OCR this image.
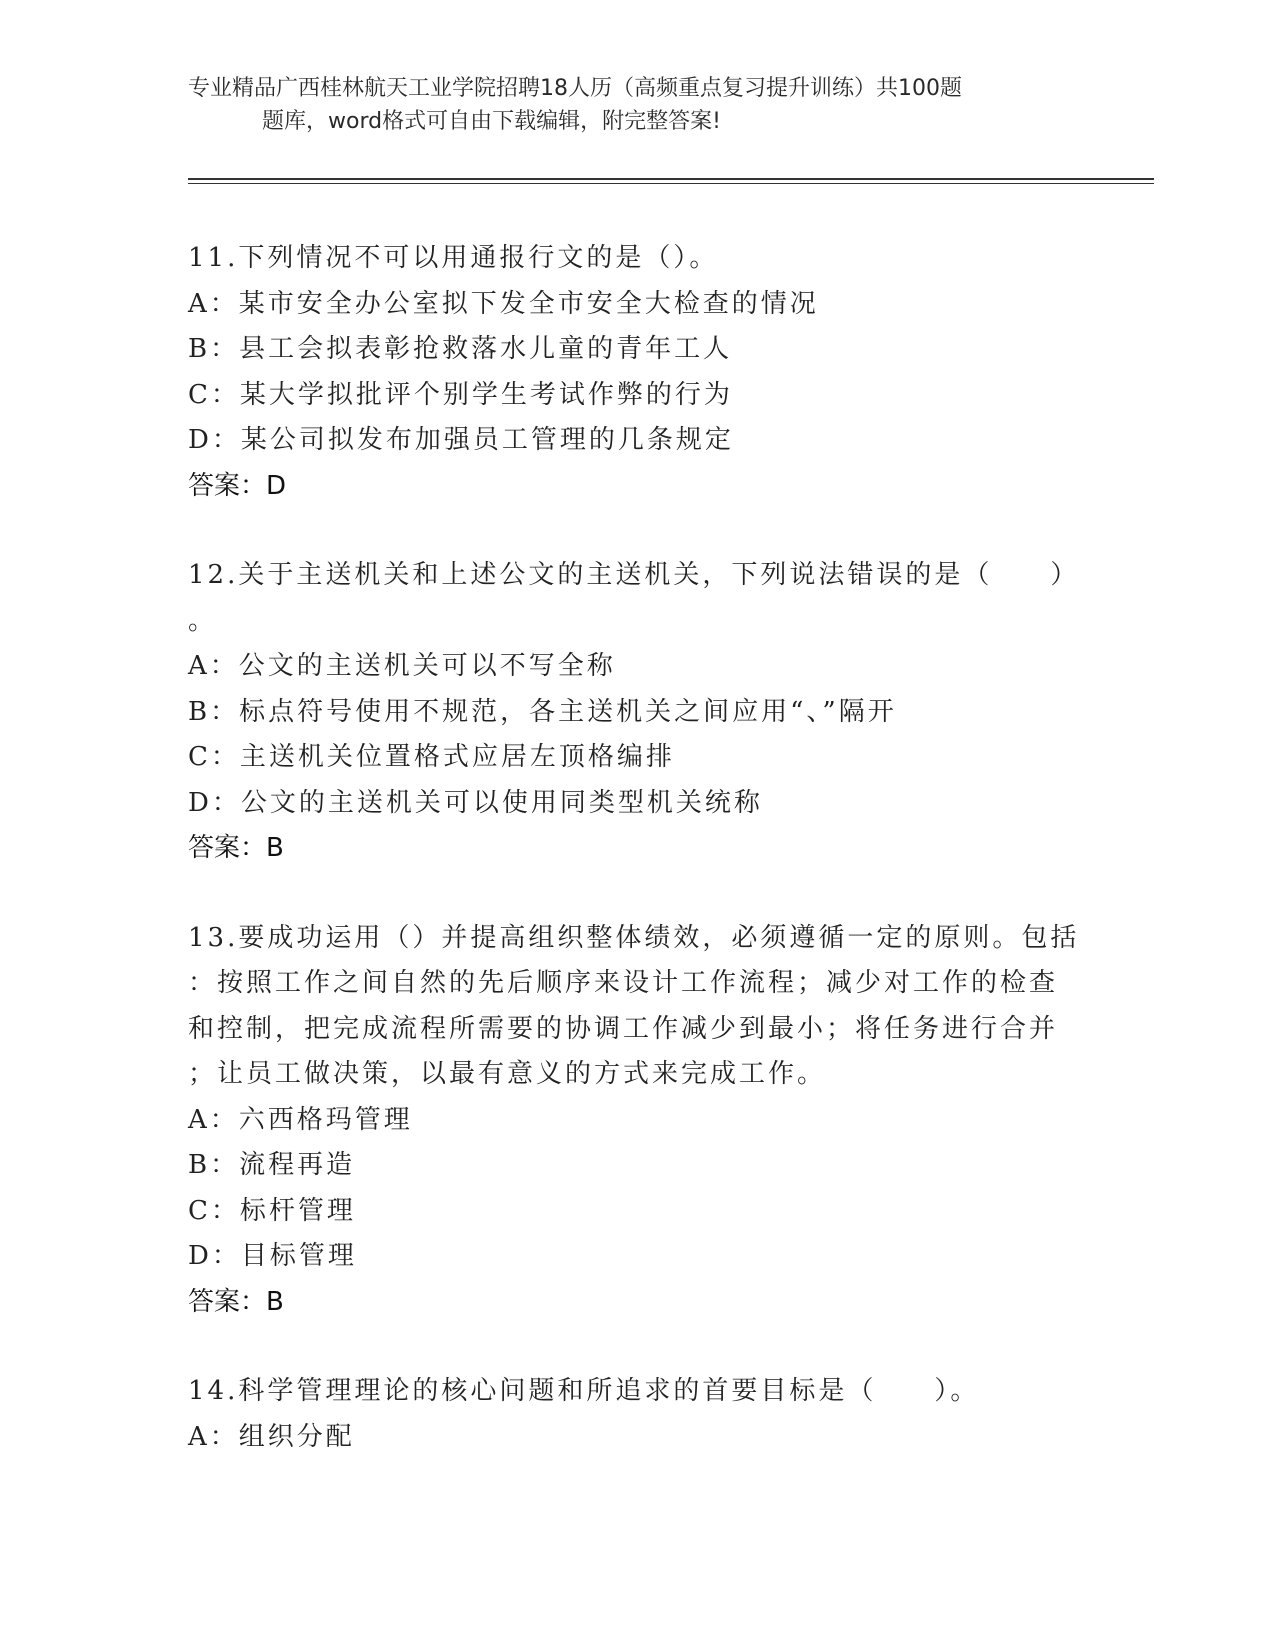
专业精品广西桂林航天工业学院招聘18人历（高频重点复习提升训练）共100题
题库，word格式可自由下载编辑，附完整答案!
11.下列情况不可以用通报行文的是（）。
A：某市安全办公室拟下发全市安全大检查的情况
B：县工会拟表彰抢救落水儿童的青年工人
C：某大学拟批评个别学生考试作弊的行为
D：某公司拟发布加强员工管理的几条规定
答案：D
12.关于主送机关和上述公文的主送机关，下列说法错误的是（　　）
。
A：公文的主送机关可以不写全称
B：标点符号使用不规范，各主送机关之间应用“、”隔开
C：主送机关位置格式应居左顶格编排
D：公文的主送机关可以使用同类型机关统称
答案：B
13.要成功运用（）并提高组织整体绩效，必须遵循一定的原则。包括
：按照工作之间自然的先后顺序来设计工作流程；减少对工作的检查
和控制，把完成流程所需要的协调工作减少到最小；将任务进行合并
；让员工做决策，以最有意义的方式来完成工作。
A：六西格玛管理
B：流程再造
C：标杆管理
D：目标管理
答案：B
14.科学管理理论的核心问题和所追求的首要目标是（　　）。
A：组织分配
